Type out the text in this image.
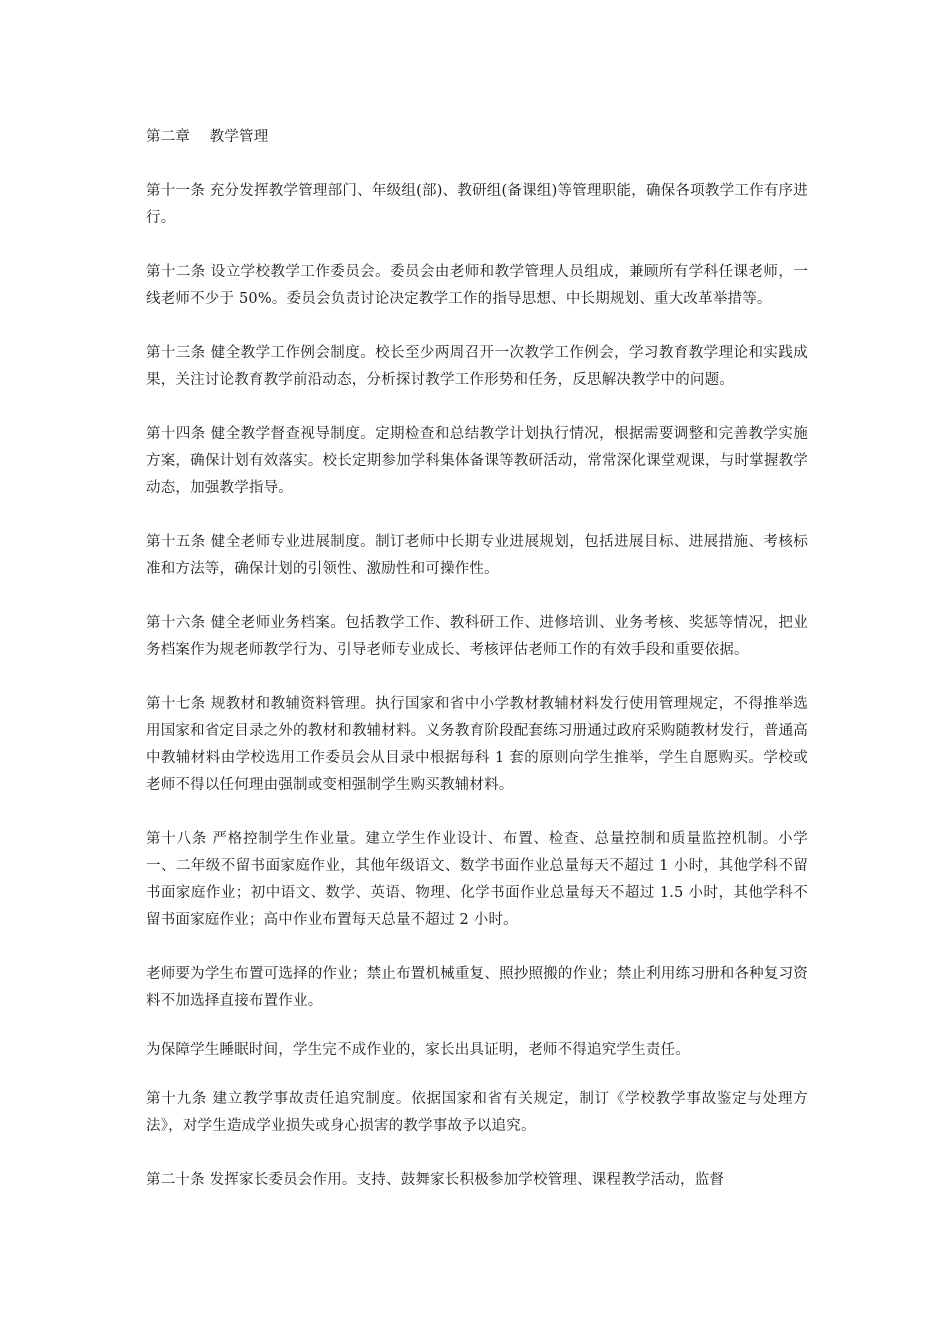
第二章　 教学管理

第十一条 充分发挥教学管理部门、年级组(部)、教研组(备课组)等管理职能，确保各项教学工作有序进行。

第十二条 设立学校教学工作委员会。委员会由老师和教学管理人员组成，兼顾所有学科任课老师，一线老师不少于 50%。委员会负责讨论决定教学工作的指导思想、中长期规划、重大改革举措等。

第十三条 健全教学工作例会制度。校长至少两周召开一次教学工作例会，学习教育教学理论和实践成果，关注讨论教育教学前沿动态，分析探讨教学工作形势和任务，反思解决教学中的问题。

第十四条 健全教学督查视导制度。定期检查和总结教学计划执行情况，根据需要调整和完善教学实施方案，确保计划有效落实。校长定期参加学科集体备课等教研活动，常常深化课堂观课，与时掌握教学动态，加强教学指导。

第十五条 健全老师专业进展制度。制订老师中长期专业进展规划，包括进展目标、进展措施、考核标准和方法等，确保计划的引领性、激励性和可操作性。

第十六条 健全老师业务档案。包括教学工作、教科研工作、进修培训、业务考核、奖惩等情况，把业务档案作为规老师教学行为、引导老师专业成长、考核评估老师工作的有效手段和重要依据。

第十七条 规教材和教辅资料管理。执行国家和省中小学教材教辅材料发行使用管理规定，不得推举选用国家和省定目录之外的教材和教辅材料。义务教育阶段配套练习册通过政府采购随教材发行，普通高中教辅材料由学校选用工作委员会从目录中根据每科 1 套的原则向学生推举，学生自愿购买。学校或老师不得以任何理由强制或变相强制学生购买教辅材料。

第十八条 严格控制学生作业量。建立学生作业设计、布置、检查、总量控制和质量监控机制。小学一、二年级不留书面家庭作业，其他年级语文、数学书面作业总量每天不超过 1 小时，其他学科不留书面家庭作业；初中语文、数学、英语、物理、化学书面作业总量每天不超过 1.5 小时，其他学科不留书面家庭作业；高中作业布置每天总量不超过 2 小时。

老师要为学生布置可选择的作业；禁止布置机械重复、照抄照搬的作业；禁止利用练习册和各种复习资料不加选择直接布置作业。

为保障学生睡眠时间，学生完不成作业的，家长出具证明，老师不得追究学生责任。

第十九条 建立教学事故责任追究制度。依据国家和省有关规定，制订《学校教学事故鉴定与处理方法》，对学生造成学业损失或身心损害的教学事故予以追究。

第二十条 发挥家长委员会作用。支持、鼓舞家长积极参加学校管理、课程教学活动，监督
